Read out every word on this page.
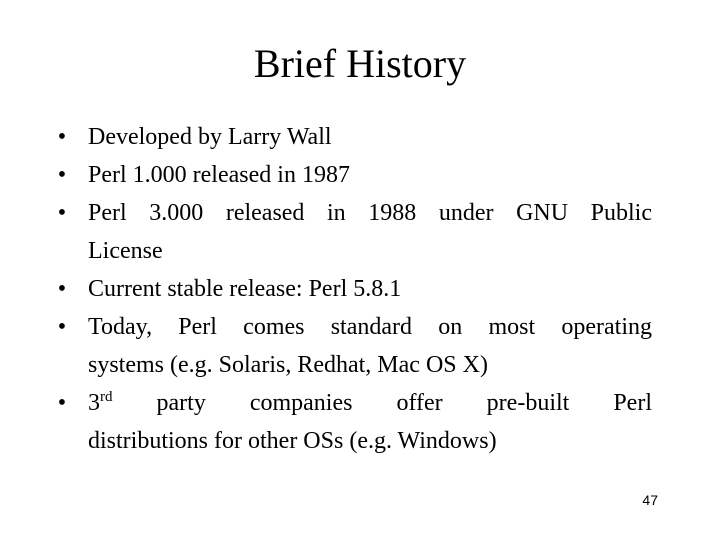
Brief History
• Developed by Larry Wall
• Perl 1.000 released in 1987
• Perl 3.000 released in 1988 under GNU Public
License
• Current stable release: Perl 5.8.1
• Today, Perl comes standard on most operating
systems (e.g. Solaris, Redhat, Mac OS X)
• 3rd party companies offer pre-built Perl
distributions for other OSs (e.g. Windows)
47
